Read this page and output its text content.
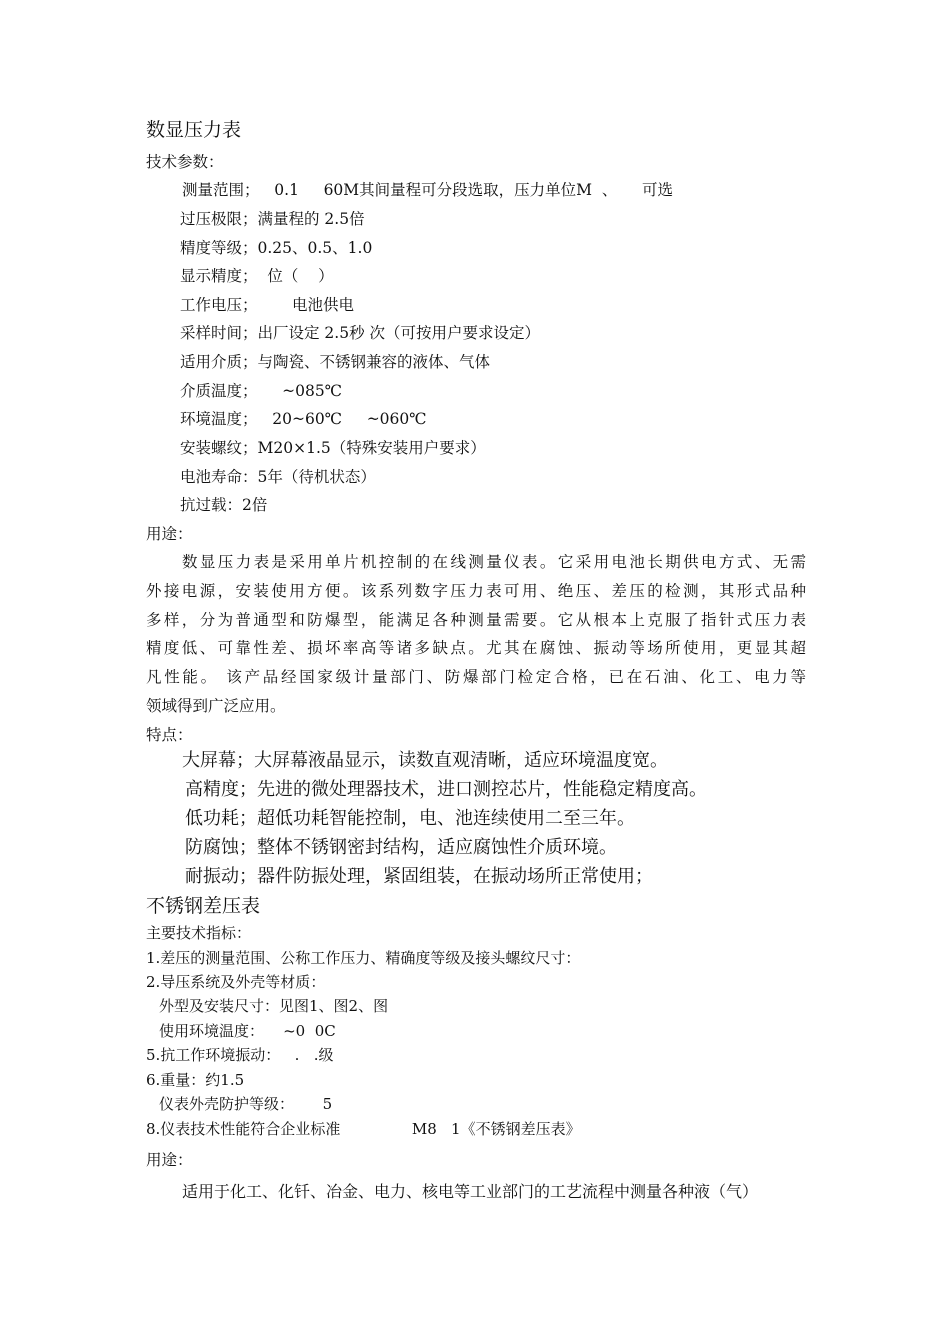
数显压力表
技术参数：
测量范围；   0.1     60M其间量程可分段选取，压力单位M  、     可选
过压极限；满量程的 2.5倍
精度等级；0.25、0.5、1.0
显示精度；  位（    ）
工作电压；       电池供电
采样时间；出厂设定 2.5秒 次（可按用户要求设定）
适用介质；与陶瓷、不锈钢兼容的液体、气体
介质温度；     ~085℃
环境温度；   20~60℃     ~060℃
安装螺纹；M20×1.5（特殊安装用户要求）
电池寿命：5年（待机状态）
抗过载：2倍
用途：
数显压力表是采用单片机控制的在线测量仪表。它采用电池长期供电方式、无需
外接电源，安装使用方便。该系列数字压力表可用、绝压、差压的检测，其形式品种
多样，分为普通型和防爆型，能满足各种测量需要。它从根本上克服了指针式压力表
精度低、可靠性差、损坏率高等诸多缺点。尤其在腐蚀、振动等场所使用，更显其超
凡性能。 该产品经国家级计量部门、防爆部门检定合格，已在石油、化工、电力等
领域得到广泛应用。
特点：
大屏幕；大屏幕液晶显示，读数直观清晰，适应环境温度宽。
高精度；先进的微处理器技术，进口测控芯片，性能稳定精度高。
低功耗；超低功耗智能控制，电、池连续使用二至三年。
防腐蚀；整体不锈钢密封结构，适应腐蚀性介质环境。
耐振动；器件防振处理，紧固组装，在振动场所正常使用；
不锈钢差压表
主要技术指标：
1.差压的测量范围、公称工作压力、精确度等级及接头螺纹尺寸：
2.导压系统及外壳等材质：
外型及安装尺寸：见图1、图2、图
使用环境温度：    ~0  0C
5.抗工作环境振动：   .   .级
6.重量：约1.5
仪表外壳防护等级：      5
8.仪表技术性能符合企业标准               M8   1《不锈钢差压表》
用途：
适用于化工、化钎、冶金、电力、核电等工业部门的工艺流程中测量各种液（气）
